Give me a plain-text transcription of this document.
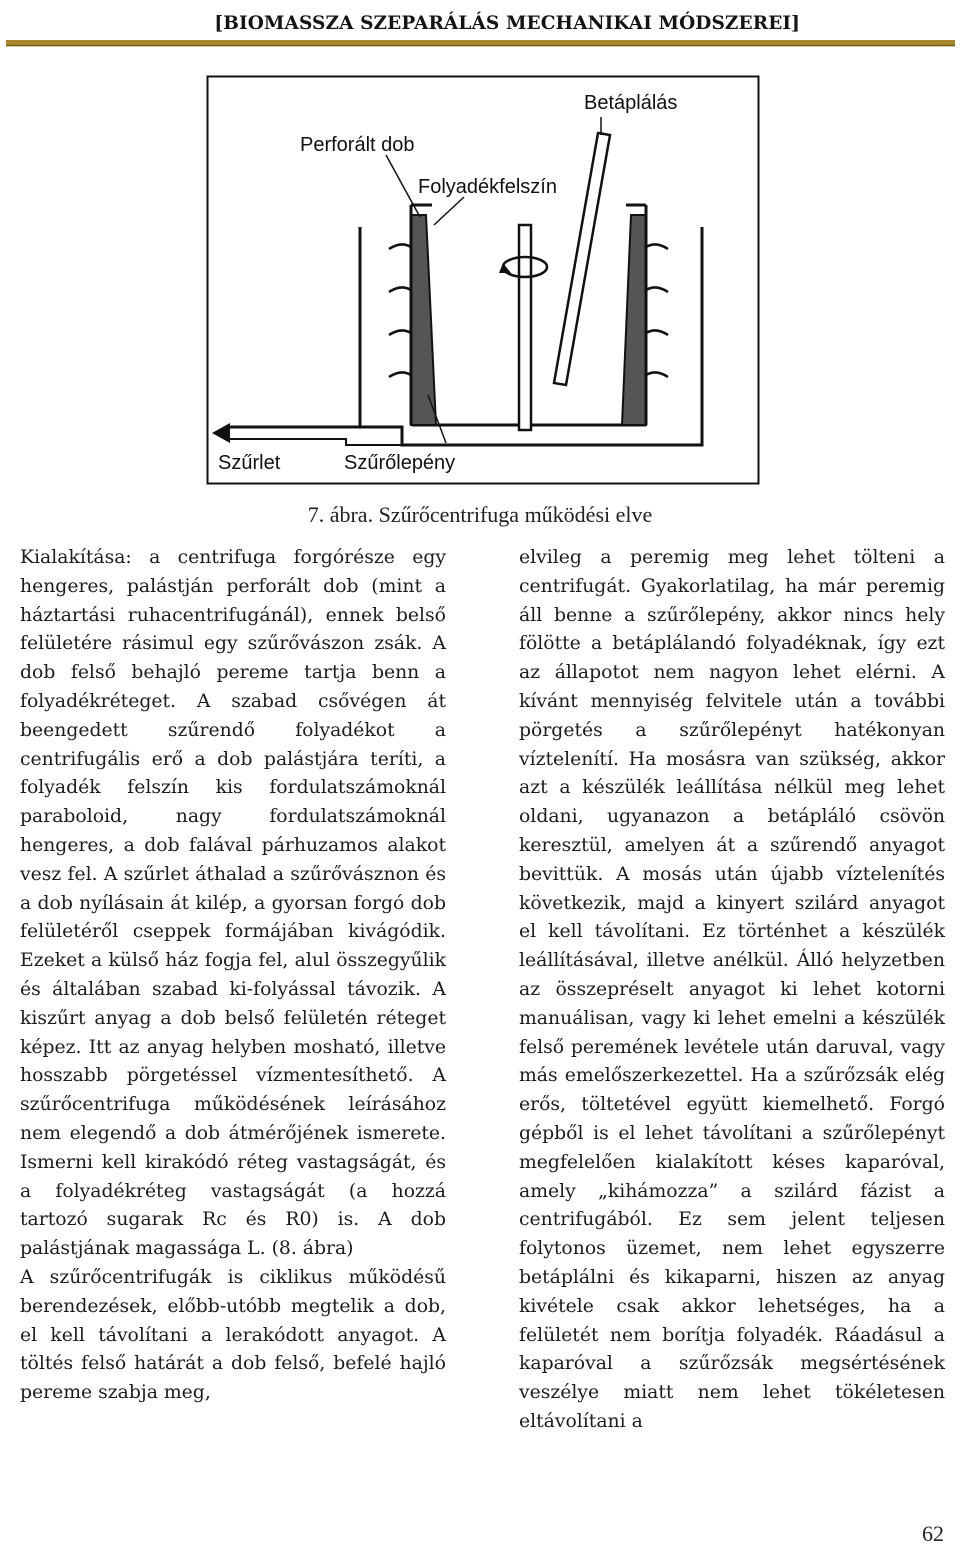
[BIOMASSZA SZEPARÁLÁS MECHANIKAI MÓDSZEREI]
Perforált dob
Betáplálás
Folyadékfelszín
Szűrlet	Szűrőlepény
7. ábra. Szűrőcentrifuga működési elve

Kialakítása: a centrifuga forgórésze egy hengeres, palástján perforált dob (mint a háztartási ruhacentrifugánál), ennek belső felületére rásimul egy szűrővászon zsák. A dob felső behajló pereme tartja benn a folyadékréteget. A szabad csővégen át beengedett szűrendő folyadékot a centrifugális erő a dob palástjára teríti, a folyadék felszín kis fordulatszámoknál paraboloid, nagy fordulatszámoknál hengeres, a dob falával párhuzamos alakot vesz fel. A szűrlet áthalad a szűrővásznon és a dob nyílásain át kilép, a gyorsan forgó dob felületéről cseppek formájában kivágódik. Ezeket a külső ház fogja fel, alul összegyűlik és általában szabad ki-folyással távozik. A kiszűrt anyag a dob belső felületén réteget képez. Itt az anyag helyben mosható, illetve hosszabb pörgetéssel vízmentesíthető. A szűrőcentrifuga működésének leírásához nem elegendő a dob átmérőjének ismerete. Ismerni kell kirakódó réteg vastagságát, és a folyadékréteg vastagságát (a hozzá tartozó sugarak Rc és R0) is. A dob palástjának magassága L. (8. ábra)

A szűrőcentrifugák is ciklikus működésű berendezések, előbb-utóbb megtelik a dob, el kell távolítani a lerakódott anyagot. A töltés felső határát a dob felső, befelé hajló pereme szabja meg,

elvileg a peremig meg lehet tölteni a centrifugát. Gyakorlatilag, ha már peremig áll benne a szűrőlepény, akkor nincs hely fölötte a betáplálandó folyadéknak, így ezt az állapotot nem nagyon lehet elérni. A kívánt mennyiség felvitele után a további pörgetés a szűrőlepényt hatékonyan víztelenítí. Ha mosásra van szükség, akkor azt a készülék leállítása nélkül meg lehet oldani, ugyanazon a betápláló csövön keresztül, amelyen át a szűrendő anyagot bevittük. A mosás után újabb víztelenítés következik, majd a kinyert szilárd anyagot el kell távolítani. Ez történhet a készülék leállításával, illetve anélkül. Álló helyzetben az összepréselt anyagot ki lehet kotorni manuálisan, vagy ki lehet emelni a készülék felső peremének levétele után daruval, vagy más emelőszerkezettel. Ha a szűrőzsák elég erős, töltetével együtt kiemelhető. Forgó gépből is el lehet távolítani a szűrőlepényt megfelelően kialakított késes kaparóval, amely „kihámozza” a szilárd fázist a centrifugából. Ez sem jelent teljesen folytonos üzemet, nem lehet egyszerre betáplálni és kikaparni, hiszen az anyag kivétele csak akkor lehetséges, ha a felületét nem borítja folyadék. Ráadásul a kaparóval a szűrőzsák megsértésének veszélye miatt nem lehet tökéletesen eltávolítani a

62
